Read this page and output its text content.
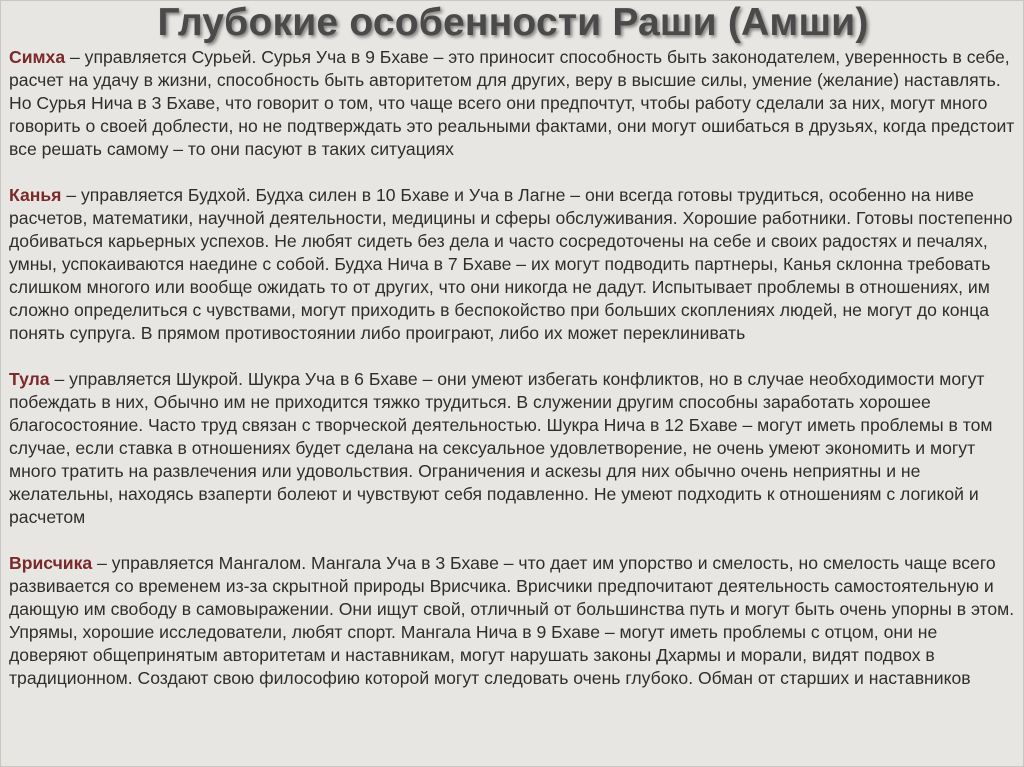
Глубокие особенности Раши (Амши)

Симха – управляется Сурьей. Сурья Уча в 9 Бхаве – это приносит способность быть законодателем, уверенность в себе, расчет на удачу в жизни, способность быть авторитетом для других, веру в высшие силы, умение (желание) наставлять. Но Сурья Нича в 3 Бхаве, что говорит о том, что чаще всего они предпочтут, чтобы работу сделали за них, могут много говорить о своей доблести, но не подтверждать это реальными фактами, они могут ошибаться в друзьях, когда предстоит все решать самому – то они пасуют в таких ситуациях

Канья – управляется Будхой. Будха силен в 10 Бхаве и Уча в Лагне – они всегда готовы трудиться, особенно на ниве расчетов, математики, научной деятельности, медицины и сферы обслуживания. Хорошие работники. Готовы постепенно добиваться карьерных успехов. Не любят сидеть без дела и часто сосредоточены на себе и своих радостях и печалях, умны, успокаиваются наедине с собой. Будха Нича в 7 Бхаве – их могут подводить партнеры, Канья склонна требовать слишком многого или вообще ожидать то от других, что они никогда не дадут. Испытывает проблемы в отношениях, им сложно определиться с чувствами, могут приходить в беспокойство при больших скоплениях людей, не могут до конца понять супруга. В прямом противостоянии либо проиграют, либо их может переклинивать

Тула – управляется Шукрой. Шукра Уча в 6 Бхаве – они умеют избегать конфликтов, но в случае необходимости могут побеждать в них, Обычно им не приходится тяжко трудиться. В служении другим способны заработать хорошее благосостояние. Часто труд связан с творческой деятельностью. Шукра Нича в 12 Бхаве – могут иметь проблемы в том случае, если ставка в отношениях будет сделана на сексуальное удовлетворение, не очень умеют экономить и могут много тратить на развлечения или удовольствия. Ограничения и аскезы для них обычно очень неприятны и не желательны, находясь взаперти болеют и чувствуют себя подавленно. Не умеют подходить к отношениям с логикой и расчетом

Врисчика – управляется Мангалом. Мангала Уча в 3 Бхаве – что дает им упорство и смелость, но смелость чаще всего развивается со временем из-за скрытной природы Врисчика. Врисчики предпочитают деятельность самостоятельную и дающую им свободу в самовыражении. Они ищут свой, отличный от большинства путь и могут быть очень упорны в этом. Упрямы, хорошие исследователи, любят спорт. Мангала Нича в 9 Бхаве – могут иметь проблемы с отцом, они не доверяют общепринятым авторитетам и наставникам, могут нарушать законы Дхармы и морали, видят подвох в традиционном. Создают свою философию которой могут следовать очень глубоко. Обман от старших и наставников
